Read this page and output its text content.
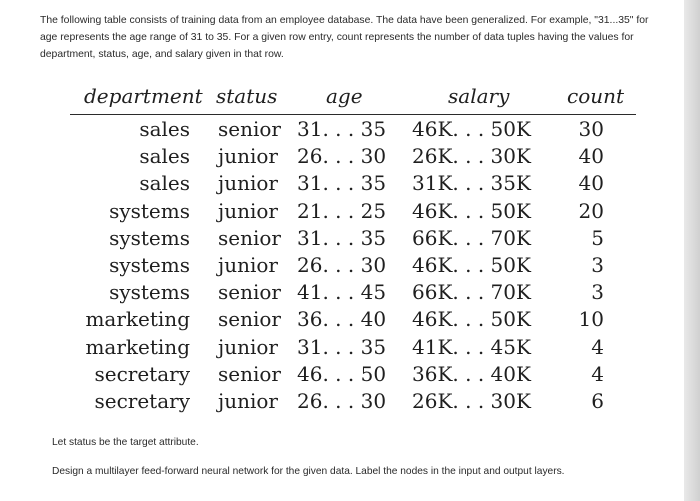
The following table consists of training data from an employee database. The data have been generalized. For example, "31...35" for age represents the age range of 31 to 35. For a given row entry, count represents the number of data tuples having the values for department, status, age, and salary given in that row.

department status age	salary	count
sales senior 31. . . 35 46K. . . 50K 30
sales junior 26. . . 30 26K. . . 30K 40
sales junior 31. . . 35 31K. . . 35K 40
systems junior 21. . . 25 46K. . . 50K 20
systems senior 31. . . 35 66K. . . 70K	5
systems junior 26. . . 30 46K. . . 50K	3
systems senior 41. . . 45 66K. . . 70K	3
marketing senior 36. . . 40 46K. . . 50K 10
marketing junior 31. . . 35 41K. . . 45K	4
secretary senior 46. . . 50 36K. . . 40K	4
secretary junior 26. . . 30 26K. . . 30K	6

Let status be the target attribute.

Design a multilayer feed-forward neural network for the given data. Label the nodes in the input and output layers.
